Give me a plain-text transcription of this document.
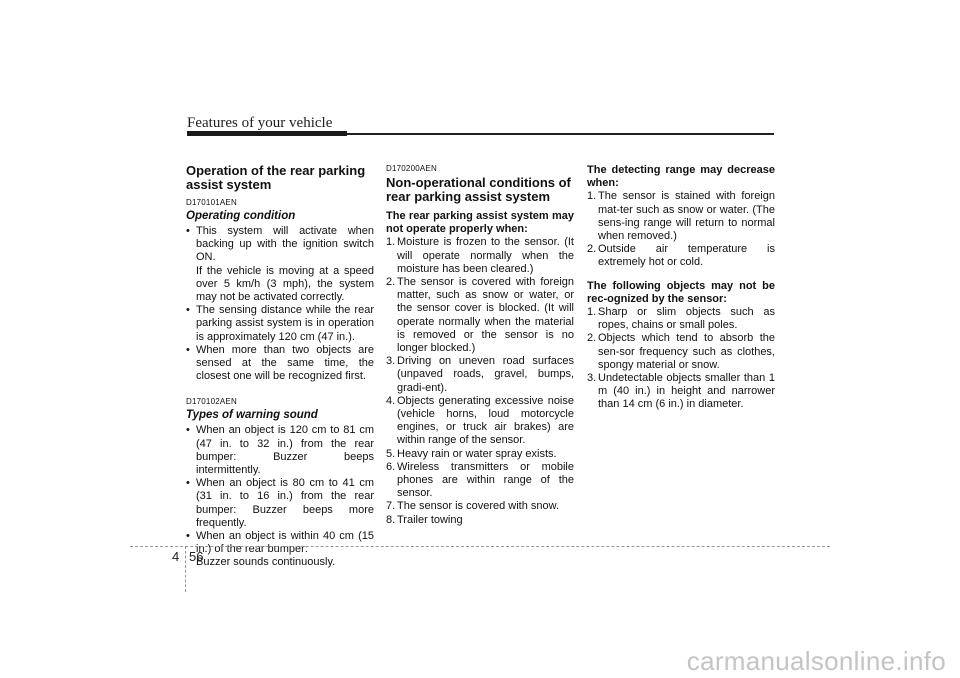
Features of your vehicle
Operation of the rear parking assist system
D170101AEN
Operating condition
• This system will activate when backing up with the ignition switch ON.
If the vehicle is moving at a speed over 5 km/h (3 mph), the system may not be activated correctly.
• The sensing distance while the rear parking assist system is in operation is approximately 120 cm (47 in.).
• When more than two objects are sensed at the same time, the closest one will be recognized first.
D170102AEN
Types of warning sound
• When an object is 120 cm to 81 cm (47 in. to 32 in.) from the rear bumper: Buzzer beeps intermittently.
• When an object is 80 cm to 41 cm (31 in. to 16 in.) from the rear bumper: Buzzer beeps more frequently.
• When an object is within 40 cm (15 in.) of the rear bumper:
Buzzer sounds continuously.
D170200AEN
Non-operational conditions of rear parking assist system
The rear parking assist system may not operate properly when:
1. Moisture is frozen to the sensor. (It will operate normally when the moisture has been cleared.)
2. The sensor is covered with foreign matter, such as snow or water, or the sensor cover is blocked. (It will operate normally when the material is removed or the sensor is no longer blocked.)
3. Driving on uneven road surfaces (unpaved roads, gravel, bumps, gradi-ent).
4. Objects generating excessive noise (vehicle horns, loud motorcycle engines, or truck air brakes) are within range of the sensor.
5. Heavy rain or water spray exists.
6. Wireless transmitters or mobile phones are within range of the sensor.
7. The sensor is covered with snow.
8. Trailer towing
The detecting range may decrease when:
1. The sensor is stained with foreign mat-ter such as snow or water. (The sens-ing range will return to normal when removed.)
2. Outside air temperature is extremely hot or cold.
The following objects may not be rec-ognized by the sensor:
1. Sharp or slim objects such as ropes, chains or small poles.
2. Objects which tend to absorb the sen-sor frequency such as clothes, spongy material or snow.
3. Undetectable objects smaller than 1 m (40 in.) in height and narrower than 14 cm (6 in.) in diameter.
4 56
carmanualsonline.info
